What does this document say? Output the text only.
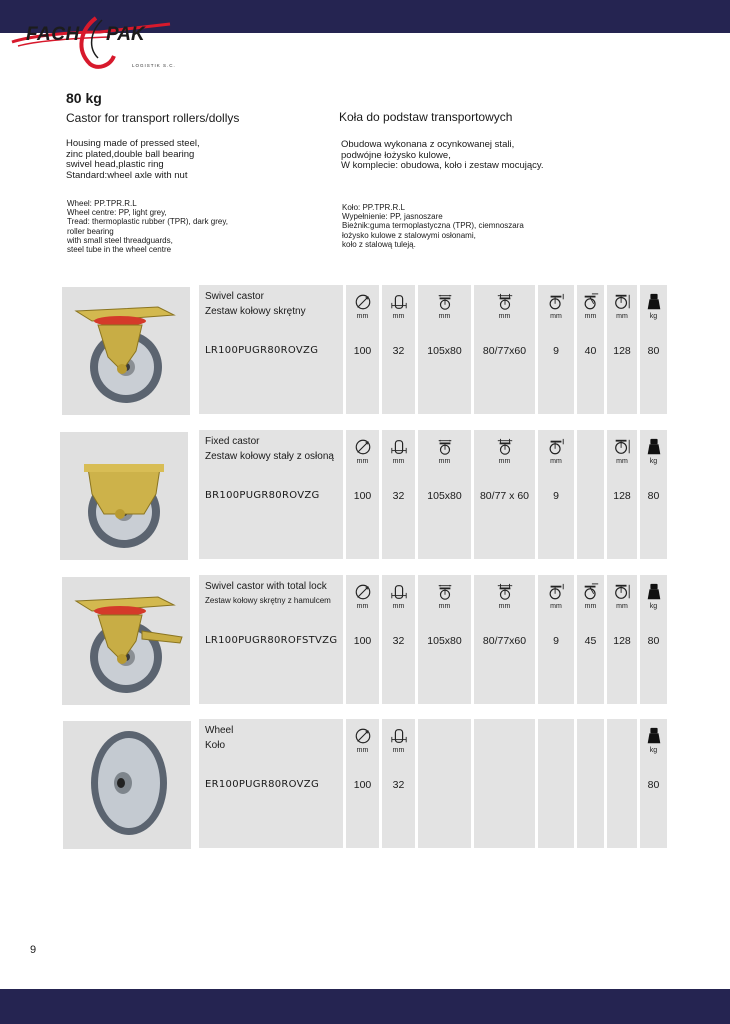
FACH PAK
LOGISTIK S.C.
80 kg
Castor for transport rollers/dollys	Koła do podstaw transportowych
Housing made of pressed steel,
zinc plated,double ball bearing
swivel head,plastic ring
Standard:wheel axle with nut
Obudowa wykonana z ocynkowanej stali,
podwójne łożysko kulowe,
W komplecie: obudowa, koło i zestaw mocujący.
Wheel: PP.TPR.R.L
Wheel centre: PP, light grey,
Tread: thermoplastic rubber (TPR), dark grey,
roller bearing
with small steel threadguards,
steel tube in the wheel centre
Koło: PP.TPR.R.L
Wypełnienie: PP, jasnoszare
Bieżnik:guma termoplastyczna (TPR), ciemnoszara
łożysko kulowe z stalowymi osłonami,
koło z stalową tuleją.
Swivel castor
Zestaw kołowy skrętny
LR100PUGR80ROVZG
mm
100
mm
32
mm
105x80
mm
80/77x60
mm
9
mm
40
mm
128
kg
80
Fixed castor
Zestaw kołowy stały z osłoną
BR100PUGR80ROVZG
mm
100
mm
32
mm
105x80
mm
80/77 x 60
mm
9
mm
128
kg
80
Swivel castor with total lock
Zestaw kołowy skrętny z hamulcem
LR100PUGR80ROFSTVZG
mm
100
mm
32
mm
105x80
mm
80/77x60
mm
9
mm
45
mm
128
kg
80
Wheel
Koło
ER100PUGR80ROVZG
mm
100
mm
32
kg
80
9
